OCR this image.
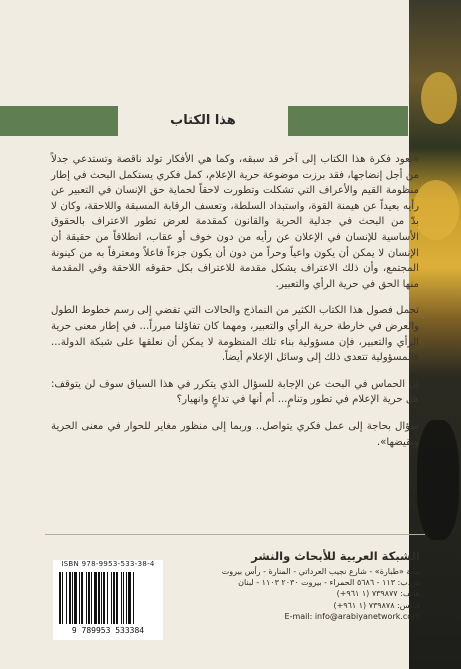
هذا الكتاب

«تعود فكرة هذا الكتاب إلى آخر قد سبقه، وكما هي الأفكار تولد ناقصة وتستدعي جدلاً من أجل إنضاجها، فقد برزت موضوعة حرية الإعلام، كمل فكري يستكمل البحث في إطار منظومة القيم والأعراف التي تشكلت وتطورت لاحقاً لحماية حق الإنسان في التعبير عن رأيه بعيداً عن هيمنة القوة، واستبداد السلطة، وتعسف الرقابة المسبقة واللاحقة، وكان لا بدّ من البحث في جدلية الحرية والقانون كمقدمة لعرض تطور الاعتراف بالحقوق الأساسية للإنسان في الإعلان عن رأيه من دون خوف أو عقاب، انطلاقاً من حقيقة أن الإنسان لا يمكن أن يكون واعياً وحراً من دون أن يكون جزءاً فاعلاً ومعترفاً به من كينونة المجتمع، وأن ذلك الاعتراف يشكل مقدمة للاعتراف بكل حقوقه اللاحقة وفي المقدمة منها الحق في حرية الرأي والتعبير.

تحمل فصول هذا الكتاب الكثير من النماذج والحالات التي تفضي إلى رسم خطوط الطول والعرض في خارطة حرية الرأي والتعبير، ومهما كان تفاؤلنا مبرراً... في إطار معنى حرية الرأي والتعبير، فإن مسؤولية بناء تلك المنظومة لا يمكن أن نعلقها على شبكة الدولة... فالمسؤولية تتعدى ذلك إلى وسائل الإعلام أيضاً.

إن الحماس في البحث عن الإجابة للسؤال الذي يتكرر في هذا السياق سوف لن يتوقف: هل حرية الإعلام في تطور وتنامٍ... أم أنها في تداعٍ وانهيار؟

سؤال بحاجة إلى عمل فكري يتواصل.. وربما إلى منظور مغاير للحوار في معنى الحرية ونقيضها».

الشبكة العربية للأبحاث والنشر
بناية «طبارة» - شارع نجيب العرداتي - المنارة - رأس بيروت
ص.ب: ١١٣ - ٥٦٨٦ الحمراء - بيروت ٢٠٣٠ ١١٠٣ - لبنان
هاتف: ٧٣٩٨٧٧ (١ ٩٦١+)
فاكس: ٧٣٩٨٧٨ (١ ٩٦١+)
E-mail: info@arabiyanetwork.com
ISBN 978-9953-533-38-4
9 789953 533384
